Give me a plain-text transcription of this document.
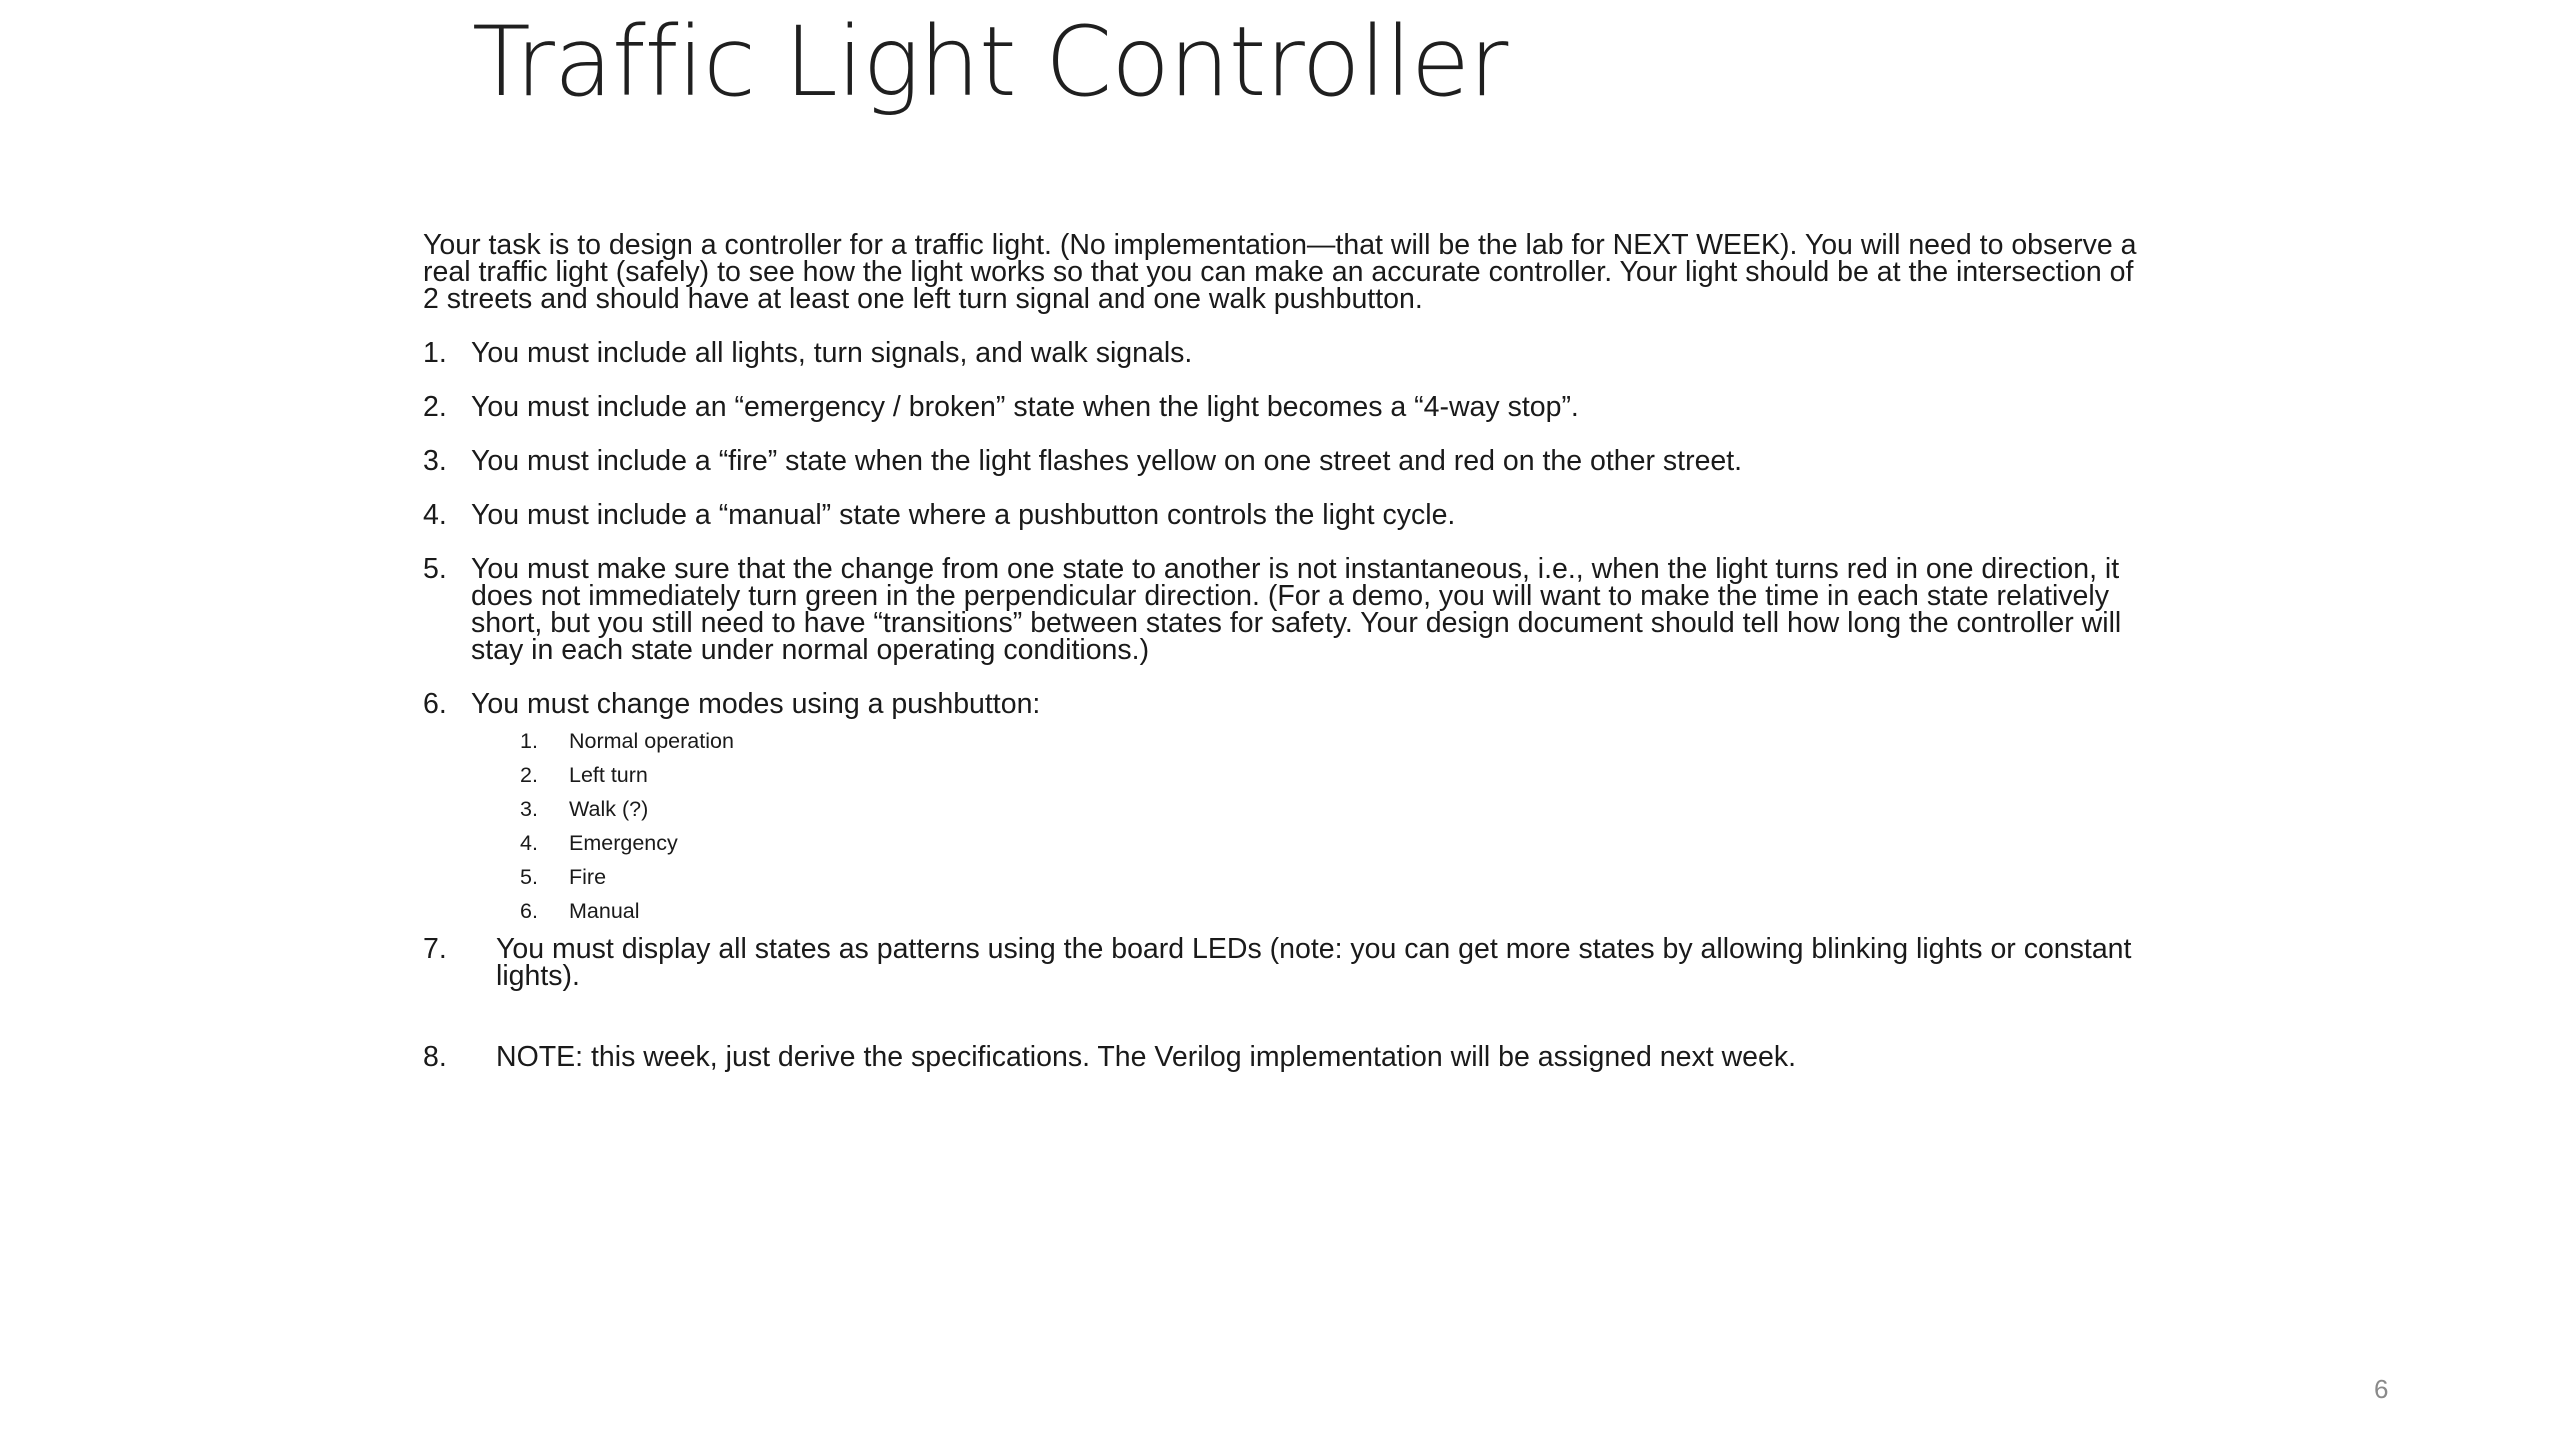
Traffic Light Controller

Your task is to design a controller for a traffic light. (No implementation—that will be the lab for NEXT WEEK). You will need to observe a real traffic light (safely) to see how the light works so that you can make an accurate controller. Your light should be at the intersection of 2 streets and should have at least one left turn signal and one walk pushbutton.

1. You must include all lights, turn signals, and walk signals.
2. You must include an “emergency / broken” state when the light becomes a “4-way stop”.
3. You must include a “fire” state when the light flashes yellow on one street and red on the other street.
4. You must include a “manual” state where a pushbutton controls the light cycle.
5. You must make sure that the change from one state to another is not instantaneous, i.e., when the light turns red in one direction, it does not immediately turn green in the perpendicular direction. (For a demo, you will want to make the time in each state relatively short, but you still need to have “transitions” between states for safety. Your design document should tell how long the controller will stay in each state under normal operating conditions.)
6. You must change modes using a pushbutton:
1. Normal operation
2. Left turn
3. Walk (?)
4. Emergency
5. Fire
6. Manual
7. You must display all states as patterns using the board LEDs (note: you can get more states by allowing blinking lights or constant lights).
8. NOTE: this week, just derive the specifications. The Verilog implementation will be assigned next week.
6
